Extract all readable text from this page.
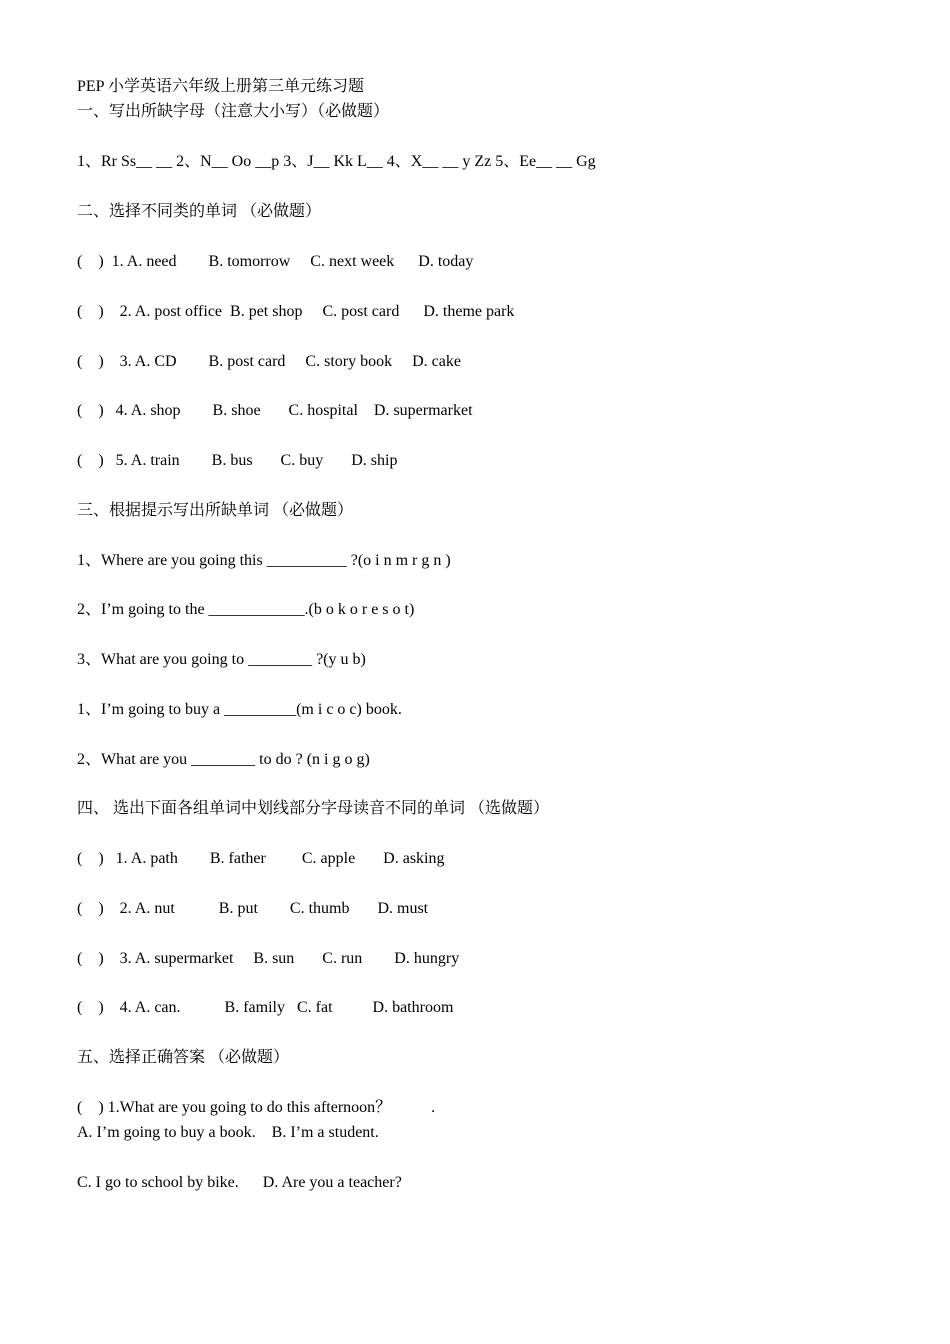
PEP 小学英语六年级上册第三单元练习题
一、写出所缺字母（注意大小写）（必做题）
1、Rr Ss__ __ 2、N__ Oo __p 3、J__ Kk L__ 4、X__ __ y Zz 5、Ee__ __ Gg
二、选择不同类的单词 （必做题）
(    )  1. A. need        B. tomorrow     C. next week      D. today
(    )    2. A. post office  B. pet shop     C. post card      D. theme park
(    )    3. A. CD        B. post card     C. story book     D. cake
(    )   4. A. shop        B. shoe       C. hospital    D. supermarket
(    )   5. A. train        B. bus       C. buy       D. ship
三、根据提示写出所缺单词 （必做题）
1、Where are you going this __________ ?(o i n m r g n )
2、I’m going to the ____________.(b o k o r e s o t)
3、What are you going to ________ ?(y u b)
1、I’m going to buy a _________(m i c o c) book.
2、What are you ________ to do ? (n i g o g)
四、 选出下面各组单词中划线部分字母读音不同的单词 （选做题）
(    )   1. A. path        B. father         C. apple       D. asking
(    )    2. A. nut           B. put        C. thumb       D. must
(    )    3. A. supermarket     B. sun       C. run        D. hungry
(    )    4. A. can.           B. family   C. fat          D. bathroom
五、选择正确答案 （必做题）
(    ) 1.What are you going to do this afternoon？          .
A. I’m going to buy a book.    B. I’m a student.
C. I go to school by bike.      D. Are you a teacher?
